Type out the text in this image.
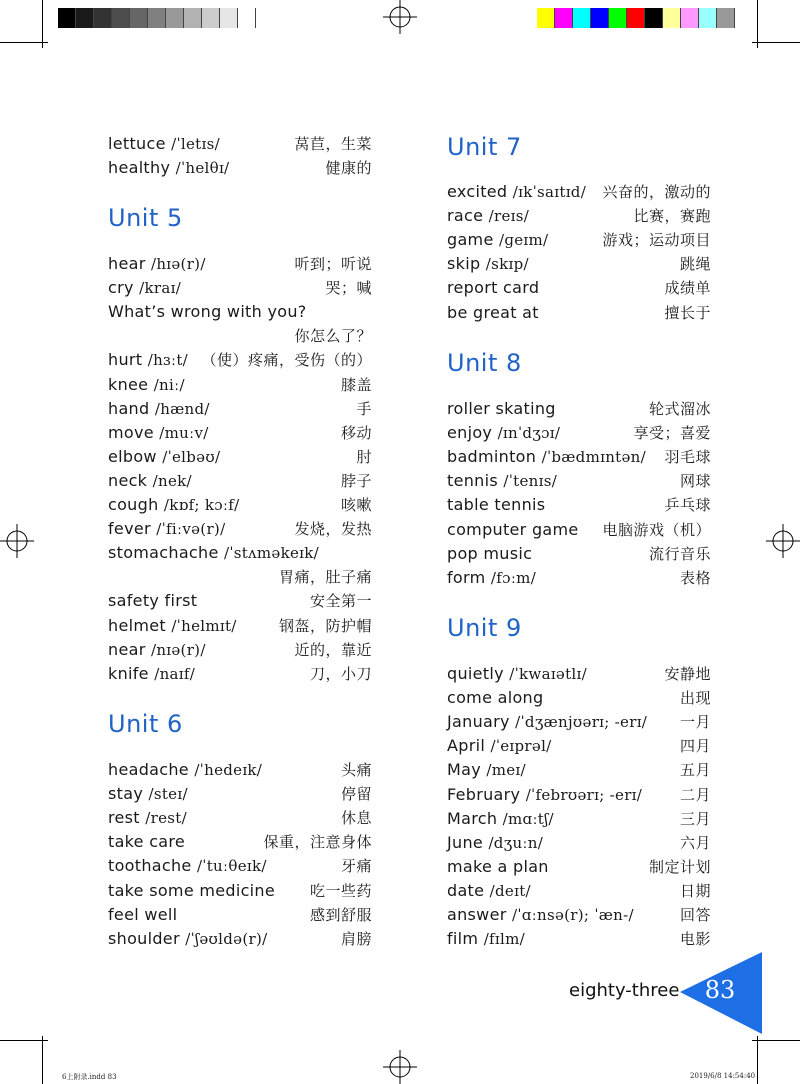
lettuce /ˈletɪs/	莴苣，生菜
healthy /ˈhelθɪ/	健康的
Unit 5
hear /hɪə(r)/	听到；听说
cry /kraɪ/	哭；喊
What’s wrong with you?
你怎么了？
hurt /hɜːt/ （使）疼痛，受伤（的）
knee /niː/	膝盖
hand /hænd/	手
move /muːv/	移动
elbow /ˈelbəʊ/	肘
neck /nek/	脖子
cough /kɒf; kɔːf/	咳嗽
fever /ˈfiːvə(r)/	发烧，发热
stomachache /ˈstʌməkeɪk/
胃痛，肚子痛
safety first	安全第一
helmet /ˈhelmɪt/	钢盔，防护帽
near /nɪə(r)/	近的，靠近
knife /naɪf/	刀，小刀
Unit 6
headache /ˈhedeɪk/	头痛
stay /steɪ/	停留
rest /rest/	休息
take care	保重，注意身体
toothache /ˈtuːθeɪk/	牙痛
take some medicine 吃一些药
feel well	感到舒服
shoulder /ˈʃəʊldə(r)/	肩膀
Unit 7
excited /ɪkˈsaɪtɪd/ 兴奋的，激动的
race /reɪs/	比赛，赛跑
game /ɡeɪm/	游戏；运动项目
skip /skɪp/	跳绳
report card	成绩单
be great at	擅长于
Unit 8
roller skating	轮式溜冰
enjoy /ɪnˈdʒɔɪ/	享受；喜爱
badminton /ˈbædmɪntən/ 羽毛球
tennis /ˈtenɪs/	网球
table tennis	乒乓球
computer game 电脑游戏（机）
pop music	流行音乐
form /fɔːm/	表格
Unit 9
quietly /ˈkwaɪətlɪ/	安静地
come along	出现
January /ˈdʒænjʊərɪ; -erɪ/ 一月
April /ˈeɪprəl/	四月
May /meɪ/	五月
February /ˈfebrʊərɪ; -erɪ/	二月
March /mɑːtʃ/	三月
June /dʒuːn/	六月
make a plan	制定计划
date /deɪt/	日期
answer /ˈɑːnsə(r); ˈæn-/	回答
film /fɪlm/	电影
eighty-three 83
6上附录.indd 83	2019/6/8 14:54:40
